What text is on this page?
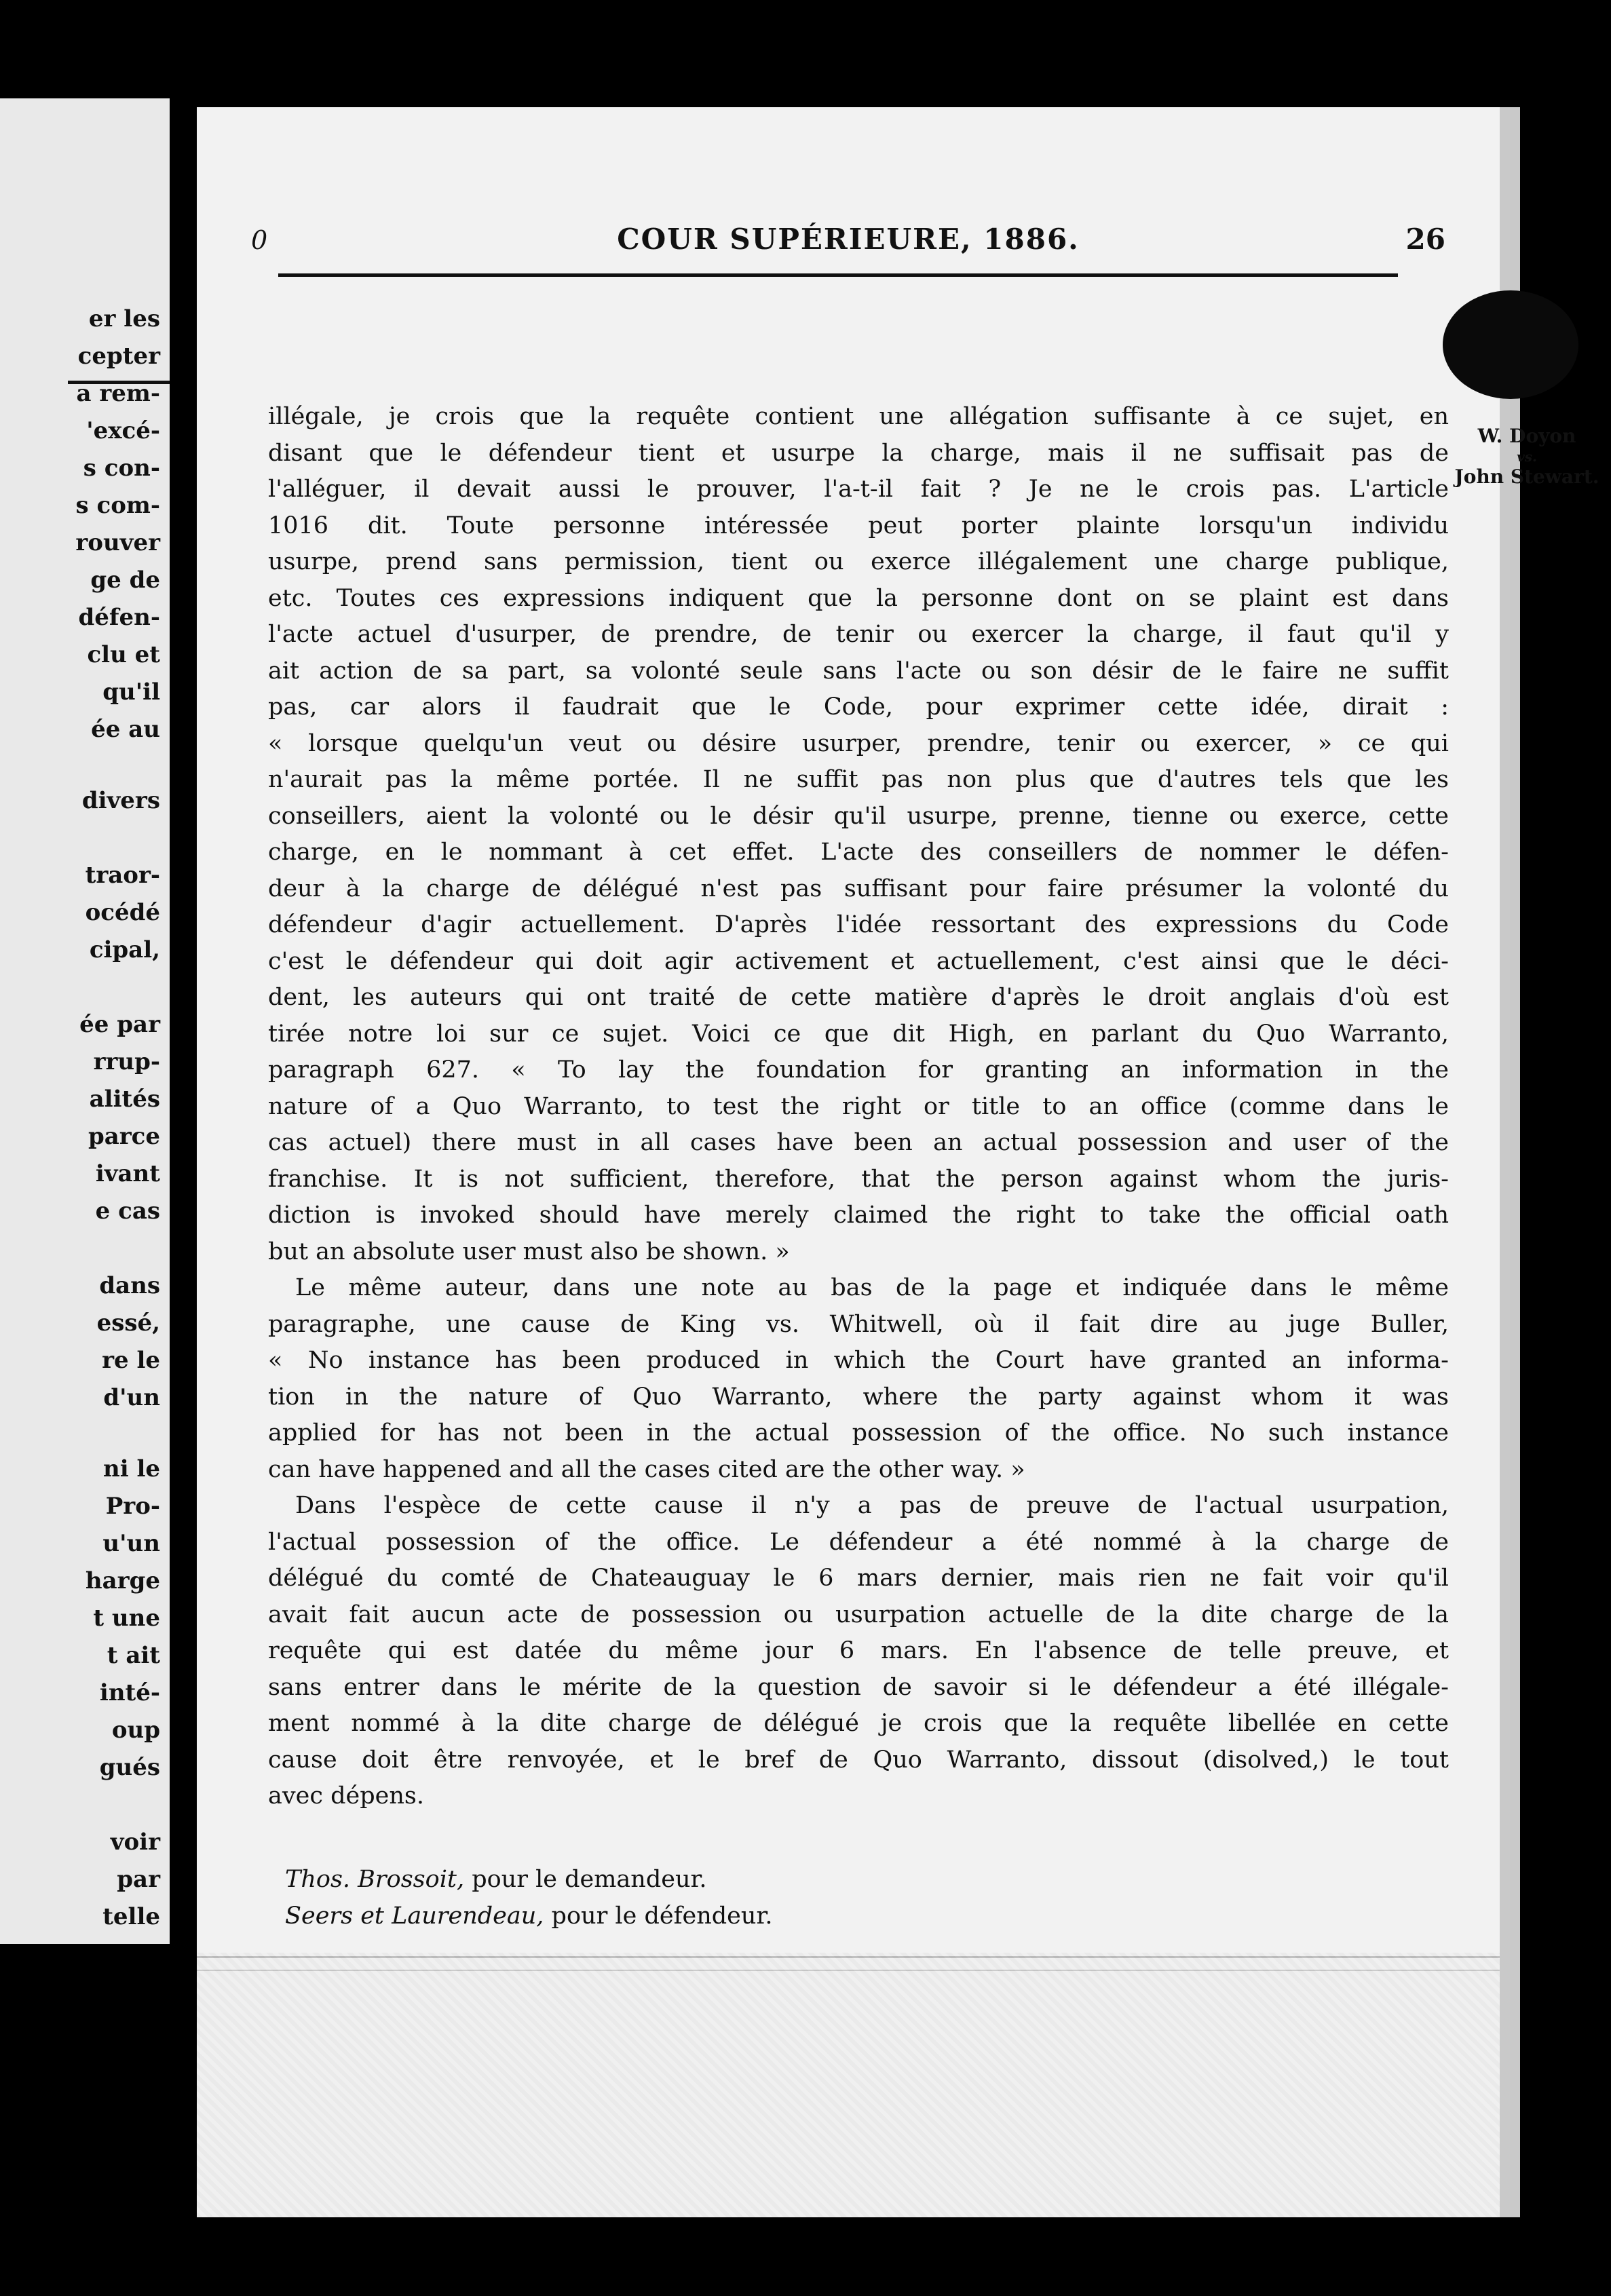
er les
cepter
a rem-
'excé-
s con-
s com-
rouver
ge de
défen-
clu et
qu'il
ée au
divers
traor-
océdé
cipal,
ée par
rrup-
alités
parce
ivant
e cas
dans
essé,
re le
d'un
ni le
Pro-
u'un
harge
t une
t ait
inté-
oup
gués
voir
par
telle
0	COUR SUPÉRIEURE, 1886.	26
W. Doyon
vs.
John Stewart.
illégale, je crois que la requête contient une allégation suffisante à ce sujet, en
disant que le défendeur tient et usurpe la charge, mais il ne suffisait pas de
l'alléguer, il devait aussi le prouver, l'a-t-il fait ? Je ne le crois pas. L'article
1016 dit. Toute personne intéressée peut porter plainte lorsqu'un individu
usurpe, prend sans permission, tient ou exerce illégalement une charge publique,
etc. Toutes ces expressions indiquent que la personne dont on se plaint est dans
l'acte actuel d'usurper, de prendre, de tenir ou exercer la charge, il faut qu'il y
ait action de sa part, sa volonté seule sans l'acte ou son désir de le faire ne suffit
pas, car alors il faudrait que le Code, pour exprimer cette idée, dirait :
« lorsque quelqu'un veut ou désire usurper, prendre, tenir ou exercer, » ce qui
n'aurait pas la même portée. Il ne suffit pas non plus que d'autres tels que les
conseillers, aient la volonté ou le désir qu'il usurpe, prenne, tienne ou exerce, cette
charge, en le nommant à cet effet. L'acte des conseillers de nommer le défen-
deur à la charge de délégué n'est pas suffisant pour faire présumer la volonté du
défendeur d'agir actuellement. D'après l'idée ressortant des expressions du Code
c'est le défendeur qui doit agir activement et actuellement, c'est ainsi que le déci-
dent, les auteurs qui ont traité de cette matière d'après le droit anglais d'où est
tirée notre loi sur ce sujet. Voici ce que dit High, en parlant du Quo Warranto,
paragraph 627. « To lay the foundation for granting an information in the
nature of a Quo Warranto, to test the right or title to an office (comme dans le
cas actuel) there must in all cases have been an actual possession and user of the
franchise. It is not sufficient, therefore, that the person against whom the juris-
diction is invoked should have merely claimed the right to take the official oath
but an absolute user must also be shown. »
Le même auteur, dans une note au bas de la page et indiquée dans le même
paragraphe, une cause de King vs. Whitwell, où il fait dire au juge Buller,
« No instance has been produced in which the Court have granted an informa-
tion in the nature of Quo Warranto, where the party against whom it was
applied for has not been in the actual possession of the office. No such instance
can have happened and all the cases cited are the other way. »
Dans l'espèce de cette cause il n'y a pas de preuve de l'actual usurpation,
l'actual possession of the office. Le défendeur a été nommé à la charge de
délégué du comté de Chateauguay le 6 mars dernier, mais rien ne fait voir qu'il
avait fait aucun acte de possession ou usurpation actuelle de la dite charge de la
requête qui est datée du même jour 6 mars. En l'absence de telle preuve, et
sans entrer dans le mérite de la question de savoir si le défendeur a été illégale-
ment nommé à la dite charge de délégué je crois que la requête libellée en cette
cause doit être renvoyée, et le bref de Quo Warranto, dissout (disolved,) le tout
avec dépens.
Thos. Brossoit, pour le demandeur.
Seers et Laurendeau, pour le défendeur.
